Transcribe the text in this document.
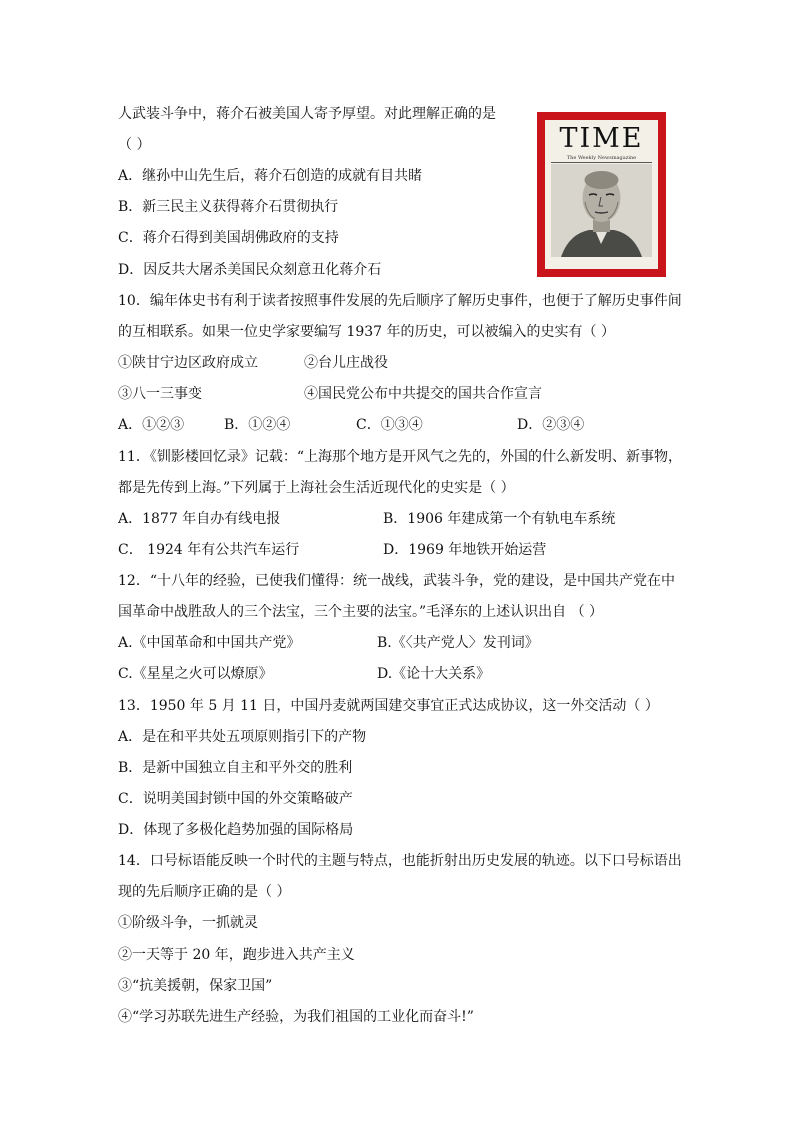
人武装斗争中，蒋介石被美国人寄予厚望。对此理解正确的是
（ ）
A．继孙中山先生后，蒋介石创造的成就有目共睹
B．新三民主义获得蒋介石贯彻执行
C．蒋介石得到美国胡佛政府的支持
D．因反共大屠杀美国民众刻意丑化蒋介石
TIME
The Weekly Newsmagazine
10．编年体史书有利于读者按照事件发展的先后顺序了解历史事件，也便于了解历史事件间
的互相联系。如果一位史学家要编写 1937 年的历史，可以被编入的史实有（ ）
①陕甘宁边区政府成立	②台儿庄战役
③八一三事变	④国民党公布中共提交的国共合作宣言
A．①②③	B．①②④	C．①③④	D．②③④
11．《钏影楼回忆录》记载：“上海那个地方是开风气之先的，外国的什么新发明、新事物，
都是先传到上海。”下列属于上海社会生活近现代化的史实是（ ）
A．1877 年自办有线电报	B．1906 年建成第一个有轨电车系统
C． 1924 年有公共汽车运行	D．1969 年地铁开始运营
12．“十八年的经验，已使我们懂得：统一战线，武装斗争，党的建设，是中国共产党在中
国革命中战胜敌人的三个法宝，三个主要的法宝。”毛泽东的上述认识出自 （ ）
A.《中国革命和中国共产党》	B.《〈共产党人〉发刊词》
C.《星星之火可以燎原》	D.《论十大关系》
13．1950 年 5 月 11 日，中国丹麦就两国建交事宜正式达成协议，这一外交活动（ ）
A．是在和平共处五项原则指引下的产物
B．是新中国独立自主和平外交的胜利
C．说明美国封锁中国的外交策略破产
D．体现了多极化趋势加强的国际格局
14．口号标语能反映一个时代的主题与特点，也能折射出历史发展的轨迹。以下口号标语出
现的先后顺序正确的是（ ）
①阶级斗争，一抓就灵
②一天等于 20 年，跑步进入共产主义
③“抗美援朝，保家卫国”
④“学习苏联先进生产经验，为我们祖国的工业化而奋斗!”
